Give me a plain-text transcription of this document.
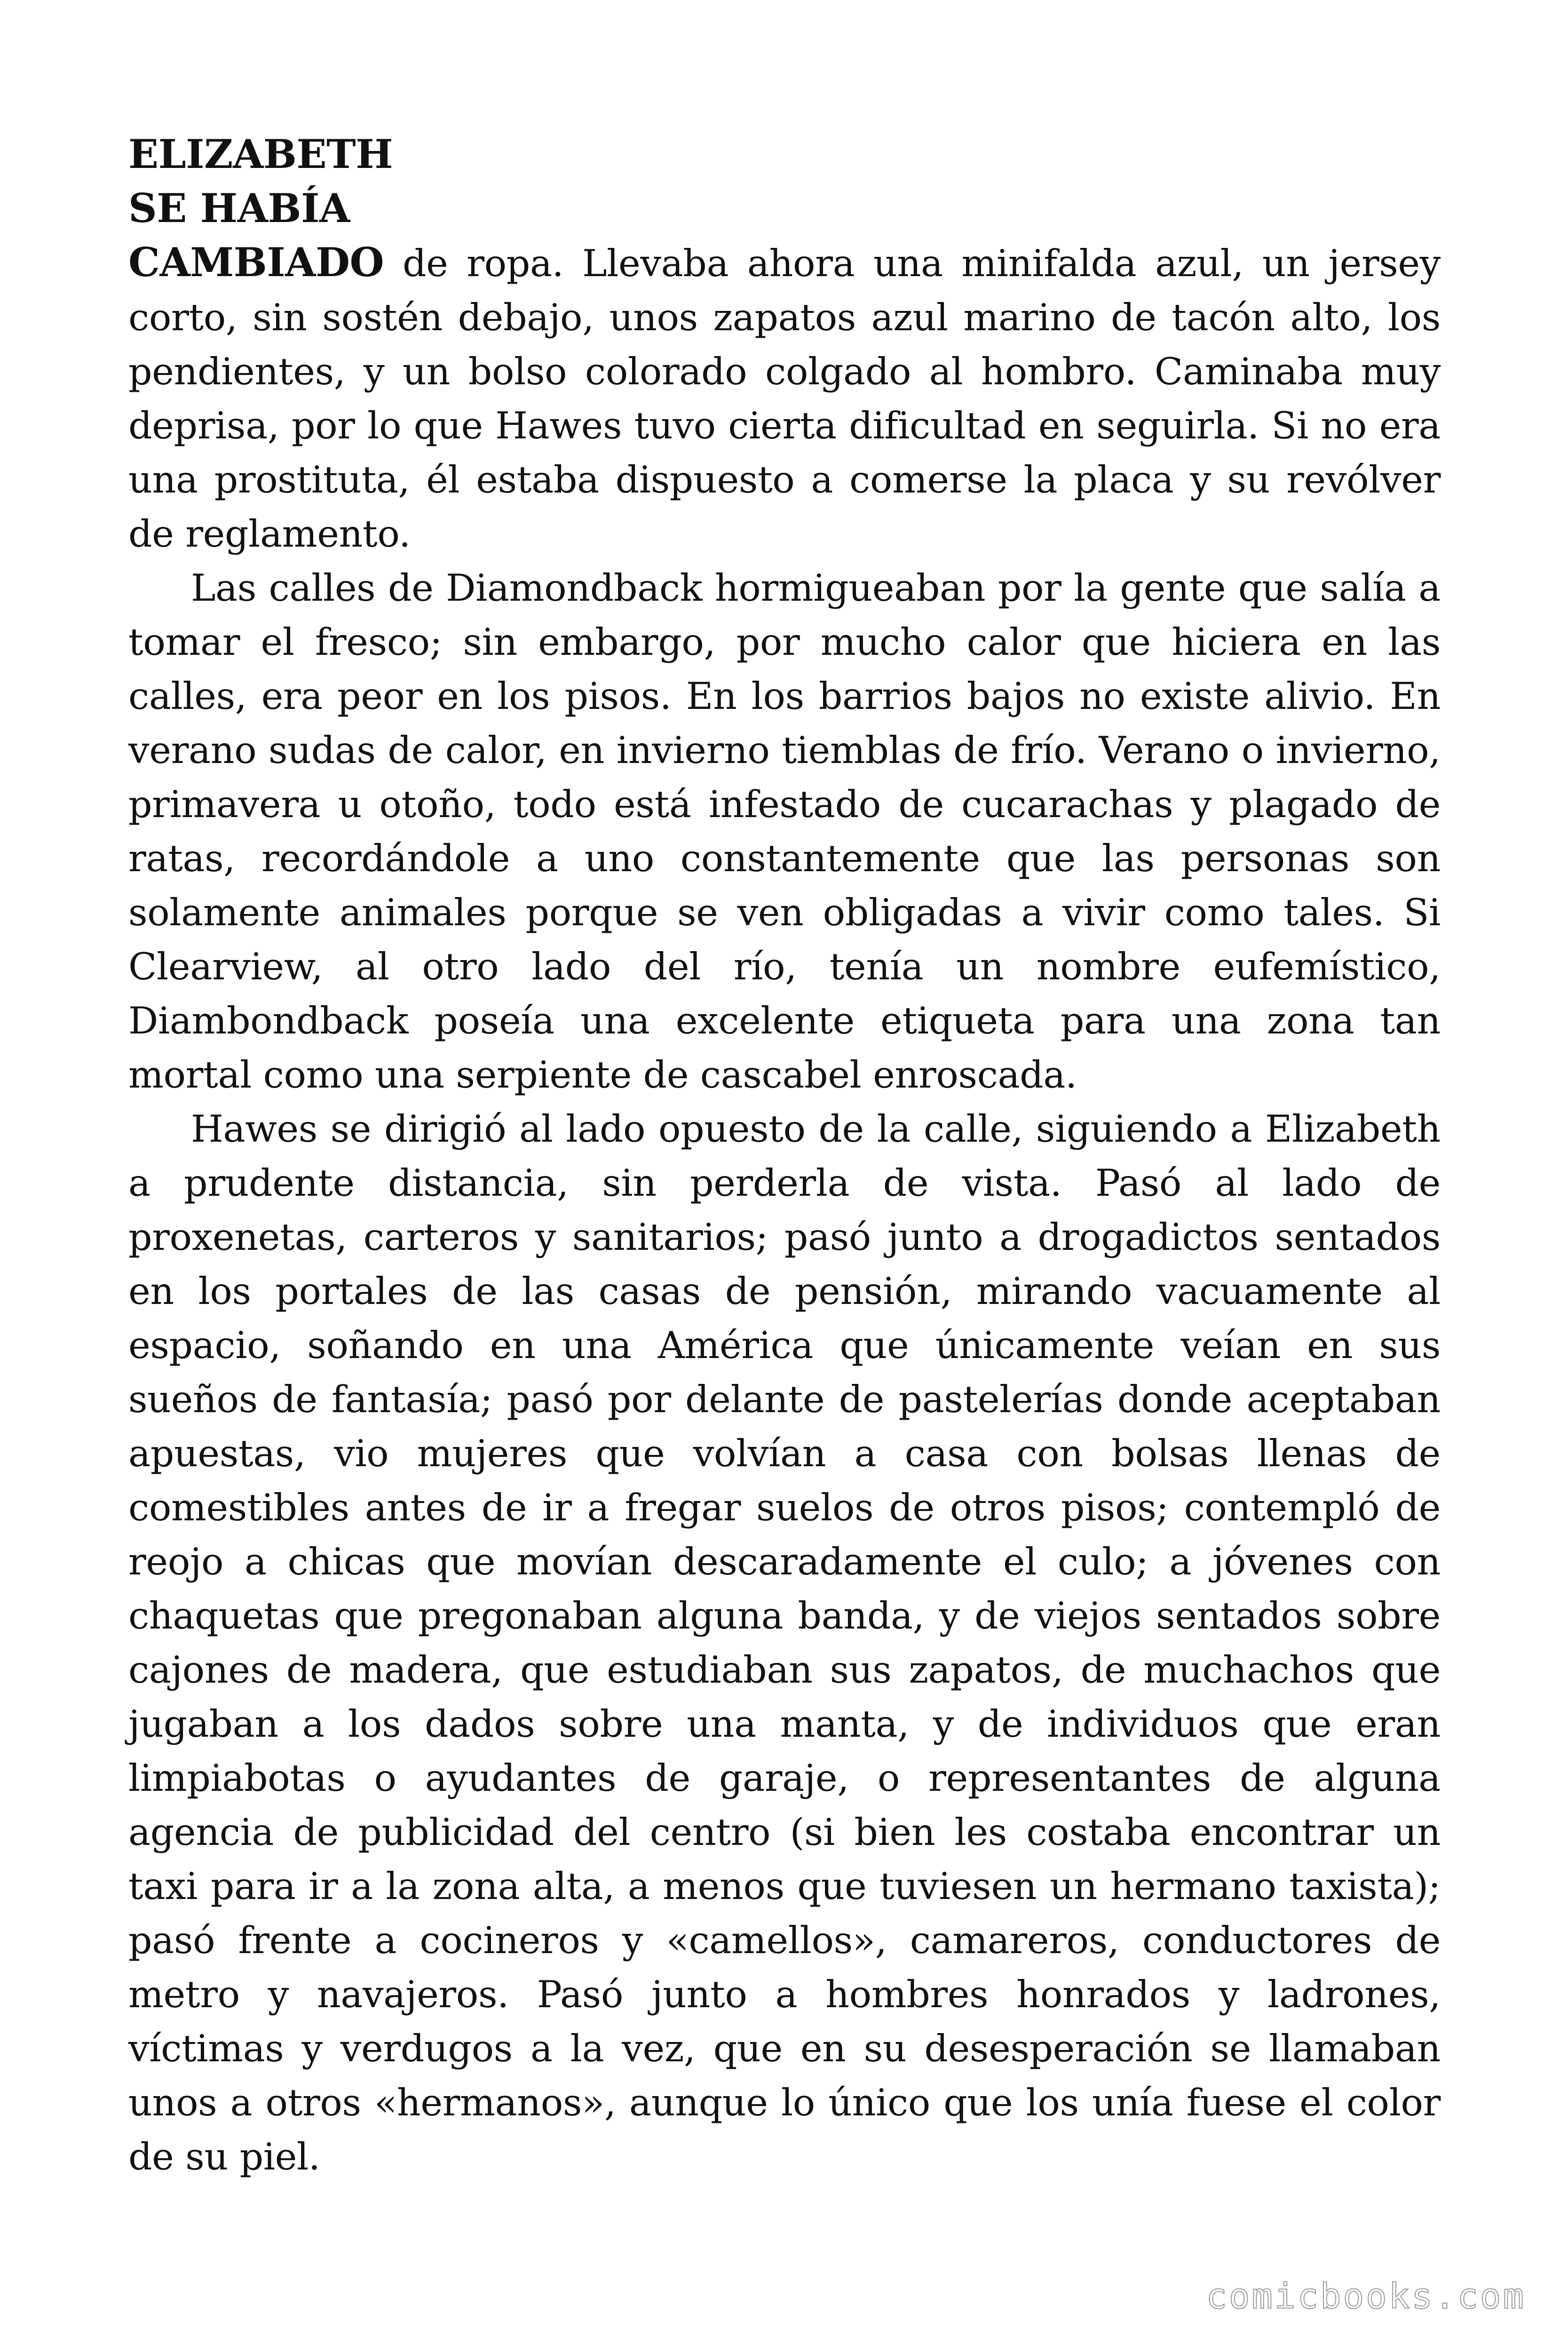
ELIZABETH
SE HABÍA
CAMBIADO de ropa. Llevaba ahora una minifalda azul, un jersey corto, sin sostén debajo, unos zapatos azul marino de tacón alto, los pendientes, y un bolso colorado colgado al hombro. Caminaba muy deprisa, por lo que Hawes tuvo cierta dificultad en seguirla. Si no era una prostituta, él estaba dispuesto a comerse la placa y su revólver de reglamento.

Las calles de Diamondback hormigueaban por la gente que salía a tomar el fresco; sin embargo, por mucho calor que hiciera en las calles, era peor en los pisos. En los barrios bajos no existe alivio. En verano sudas de calor, en invierno tiemblas de frío. Verano o invierno, primavera u otoño, todo está infestado de cucarachas y plagado de ratas, recordándole a uno constantemente que las personas son solamente animales porque se ven obligadas a vivir como tales. Si Clearview, al otro lado del río, tenía un nombre eufemístico, Diambondback poseía una excelente etiqueta para una zona tan mortal como una serpiente de cascabel enroscada.

Hawes se dirigió al lado opuesto de la calle, siguiendo a Elizabeth a prudente distancia, sin perderla de vista. Pasó al lado de proxenetas, carteros y sanitarios; pasó junto a drogadictos sentados en los portales de las casas de pensión, mirando vacuamente al espacio, soñando en una América que únicamente veían en sus sueños de fantasía; pasó por delante de pastelerías donde aceptaban apuestas, vio mujeres que volvían a casa con bolsas llenas de comestibles antes de ir a fregar suelos de otros pisos; contempló de reojo a chicas que movían descaradamente el culo; a jóvenes con chaquetas que pregonaban alguna banda, y de viejos sentados sobre cajones de madera, que estudiaban sus zapatos, de muchachos que jugaban a los dados sobre una manta, y de individuos que eran limpiabotas o ayudantes de garaje, o representantes de alguna agencia de publicidad del centro (si bien les costaba encontrar un taxi para ir a la zona alta, a menos que tuviesen un hermano taxista); pasó frente a cocineros y «camellos», camareros, conductores de metro y navajeros. Pasó junto a hombres honrados y ladrones, víctimas y verdugos a la vez, que en su desesperación se llamaban unos a otros «hermanos», aunque lo único que los unía fuese el color de su piel.

comicbooks.com
